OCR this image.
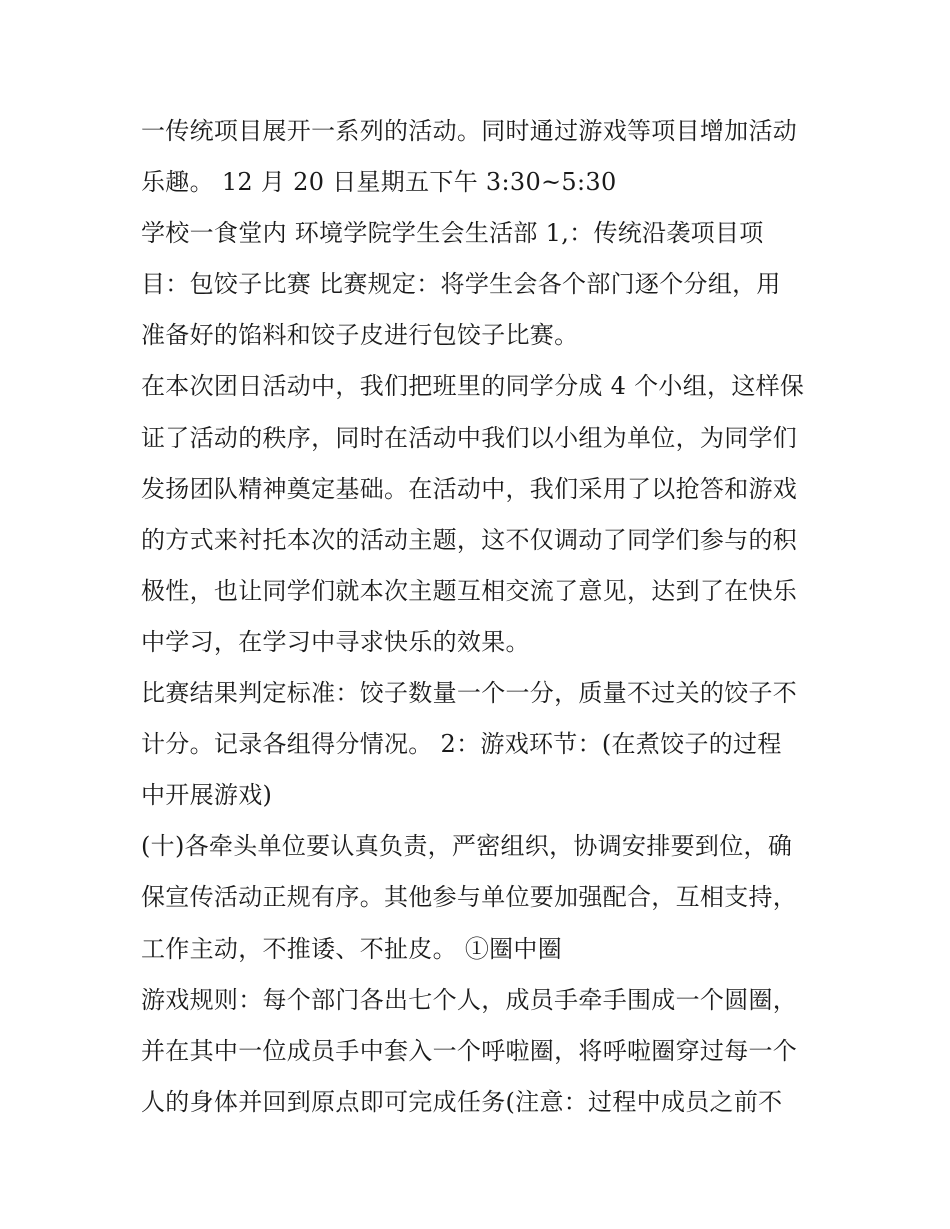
一传统项目展开一系列的活动。同时通过游戏等项目增加活动
乐趣。 12 月 20 日星期五下午 3:30~5:30
学校一食堂内 环境学院学生会生活部 1,：传统沿袭项目项
目：包饺子比赛 比赛规定：将学生会各个部门逐个分组，用
准备好的馅料和饺子皮进行包饺子比赛。
在本次团日活动中，我们把班里的同学分成 4 个小组，这样保
证了活动的秩序，同时在活动中我们以小组为单位，为同学们
发扬团队精神奠定基础。在活动中，我们采用了以抢答和游戏
的方式来衬托本次的活动主题，这不仅调动了同学们参与的积
极性，也让同学们就本次主题互相交流了意见，达到了在快乐
中学习，在学习中寻求快乐的效果。
比赛结果判定标准：饺子数量一个一分，质量不过关的饺子不
计分。记录各组得分情况。 2：游戏环节：(在煮饺子的过程
中开展游戏)
(十)各牵头单位要认真负责，严密组织，协调安排要到位，确
保宣传活动正规有序。其他参与单位要加强配合，互相支持，
工作主动，不推诿、不扯皮。 ①圈中圈
游戏规则：每个部门各出七个人，成员手牵手围成一个圆圈，
并在其中一位成员手中套入一个呼啦圈，将呼啦圈穿过每一个
人的身体并回到原点即可完成任务(注意：过程中成员之前不
